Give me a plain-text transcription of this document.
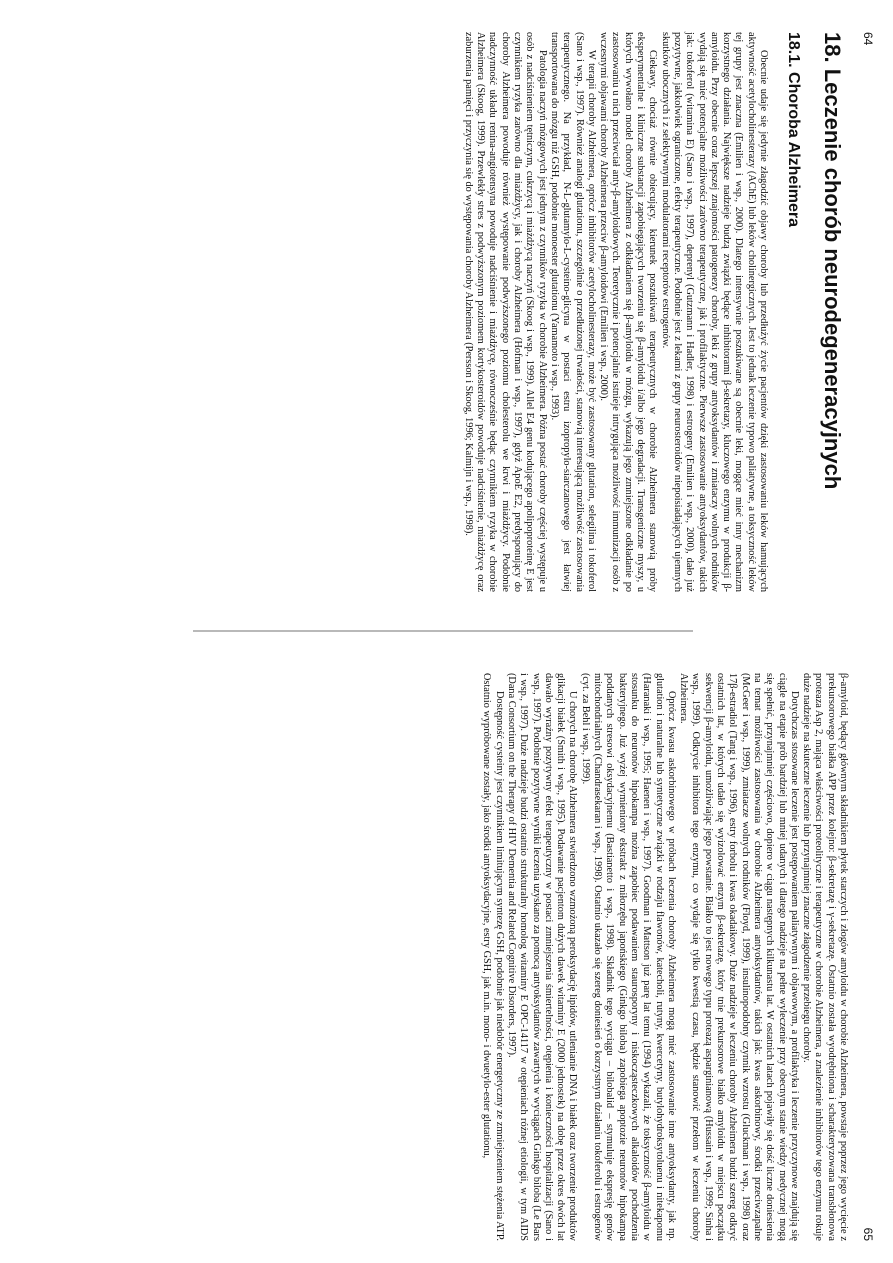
64
18. Leczenie chorób neurodegeneracyjnych
18.1. Choroba Alzheimera

Obecnie udaje się jedynie złagodzić objawy choroby lub przedłużyć życie pacjentów dzięki zastosowaniu leków hamujących aktywność acetylocholinesterazy (AChE) lub leków cholinergicznych. Jest to jednak leczenie typowo paliatywne, a toksyczność leków tej grupy jest znaczna (Emilien i wsp., 2000). Dlatego intensywnie poszukiwane są obecnie leki, mogące mieć inny mechanizm korzystnego działania. Największe nadzieje budzą związki będące inhibitorami β-sekretazy, kluczowego enzymu w produkcji β-amyloidu. Przy obecnie coraz lepszej znajomości patogenezy choroby, leki z grupy antyoksydantów i zmiataczy wolnych rodników wydają się mieć potencjalne możliwości zarówno terapeutyczne, jak i profilaktyczne. Pierwsze zastosowanie antyoksydantów, takich jak: tokoferol (witamina E) (Sano i wsp., 1997), deprenyl (Gutzmann i Hadler, 1998) i estrogeny (Emilien i wsp., 2000), dało już pozytywne, jakkolwiek ograniczone, efekty terapeutyczne. Podobnie jest z lekami z grupy neurosteroidów niepoisiadających ujemnych skutków ubocznych i z selektywnymi modulatorami receptorów estrogenów.

Ciekawy, chociaż równie obiecujący, kierunek poszukiwań terapeutycznych w chorobie Alzheimera stanowią próby eksperymentalne i kliniczne substancji zapobiegających tworzeniu się β-amyloidu i/albo jego degradacji. Transgeniczne myszy, u których wywołano model choroby Alzheimera z odkładaniem się β-amyloidu w mózgu, wykazują jego zmniejszone odkładanie po zastosowaniu u nich przeciwciał anty-β-amyloidowych. Teoretycznie i potencjalnie istnieje intrygująca możliwość immunizacji osób z wczesnymi objawami choroby Alzheimera przeciw β-amyloidowi (Emilien i wsp., 2000).

W terapii choroby Alzheimera, oprócz inhibitorów acetylocholinesterazy, może być zastosowany glutation, selegilina i tokoferol (Sano i wsp., 1997). Również analogi glutationu, szczególnie o przedłużonej trwałości, stanowią interesującą możliwość zastosowania terapeutycznego. Na przykład, N-L-glutamylo-L-cysteino-glicyna w postaci estru izopropylo-siarczanowego jest łatwiej transportowana do mózgu niż GSH, podobnie monoester glutationu (Yamamoto i wsp., 1993).

Patologia naczyń mózgowych jest jednym z czynników ryzyka w chorobie Alzheimera. Późna postać choroby częściej występuje u osób z nadciśnieniem tętniczym, cukrzycą i miażdżycą naczyń (Skoog i wsp., 1999). Allel E4 genu kodującego apolipoproteinę E jest czynnikiem ryzyka zarówno dla miażdżycy, jak i choroby Alzheimera (Hofman i wsp., 1997), gdyż ApoE E2, predysponujący do choroby Alzheimera powoduje również występowanie podwyższonego poziomu cholesterolu we krwi i miażdżycy. Podobnie nadczynność układu renina-angiotensyna powoduje nadciśnienie i miażdżycę, równocześnie będąc czynnikiem ryzyka w chorobie Alzheimera (Skoog, 1999). Przewlekły stres z podwyższonym poziomem kortykosteroidów powoduje nadciśnienie, miażdżycę oraz zaburzenia pamięci i przyczynia się do występowania choroby Alzheimera (Persson i Skoog, 1996; Kalmijn i wsp., 1998).

65

β-amyloid, będący głównym składnikiem płytek starczych i złogów amyloidu w chorobie Alzheimera, powstaje poprzez jego wycięcie z prekursorowego białka APP przez kolejno: β-sekretazę i γ-sekretazę. Ostatnio została wyodrębniona i scharakteryzowana transbłonowa proteaza Asp 2, mająca właściwości proteolityczne i terapeutyczne w chorobie Alzheimera, a znalezienie inhibitorów tego enzymu rokuje duże nadzieje na skuteczne leczenie lub przynajmniej znaczne złagodzenie przebiegu choroby.

Dotychczas stosowane leczenie jest postępowaniem paliatywnym i objawowym, a profilaktyka i leczenie przyczynowe znajdują się ciągle na etapie prób bardziej lub mniej udanych i dlatego nadzieje na pełne wyleczenie przy obecnym stanie wiedzy medycznej mogą się spełnić, przynajmniej częściowo, dopiero w ciągu następnych kilkunastu lat. W ostatnich latach pojawiły się dość liczne doniesienia na temat możliwości zastosowania w chorobie Alzheimera antyoksydantów, takich jak: kwas askorbinowy, środki przeciwzapalne (McGeer i wsp., 1999), zmiatacze wolnych rodników (Floyd, 1999), insulinopodobny czynnik wzrostu (Gluckman i wsp., 1998) oraz 17β-estradiol (Tang i wsp., 1996), estry forbolu i kwas okadaikowy. Duże nadzieje w leczeniu choroby Alzheimera budzi szereg odkryć ostatnich lat, w których udało się wyizolować enzym β-sekretazę, który tnie prekursorowe białko amyloidu w miejscu początku sekwencji β-amyloidu, umożliwiając jego powstanie. Białko to jest nowego typu proteazą asparginianową (Hussain i wsp., 1999; Sinha i wsp., 1999). Odkrycie inhibitora tego enzymu, co wydaje się tylko kwestią czasu, będzie stanowić przełom w leczeniu choroby Alzheimera.

Oprócz kwasu askorbinowego w próbach leczenia choroby Alzheimera mogą mieć zastosowanie inne antyoksydanty, jak np. glutation i naturalne lub syntetyczne związki w rodzaju flawonów, katecholi, rutyny, kwercetyny, butylohydroksytoluenu i nitekapomu (Haranaki i wsp., 1995; Haenen i wsp., 1997). Goodman i Mattson już parę lat temu (1994) wykazali, że toksyczność β-amyloidu w stosunku do neuronów hipokampa można zapobiec podawaniem staurosporyny i niskocząsteczkowych alkaloidów pochodzenia bakteryjnego. Już wyżej wymieniony ekstrakt z miłorzębu japońskiego (Ginkgo biloba) zapobiega apoptozie neuronów hipokampa poddanych stresowi oksydacyjnemu (Bastianetto i wsp., 1998). Składnik tego wyciągu – bilobalid – stymuluje ekspresję genów mitochondrialnych (Chandrasekaran i wsp., 1998). Ostatnio ukazało się szereg doniesień o korzystnym działaniu tokoferolu i estrogenów (cyt. za Behl i wsp., 1999).

U chorych na chorobę Alzheimera stwierdzono wzmożoną peroksydację lipidów, utlenianie DNA i białek oraz tworzenie produktów glikacji białek (Smith i wsp., 1995). Podawanie pacjentom dużych dawek witaminy E (2000 jednostek) na dobę przez okres dwóch lat dawało wyraźny pozytywny efekt terapeutyczny w postaci zmniejszenia śmiertelności, otępienia i konieczności hospitalizacji (Sano i wsp., 1997). Podobnie pozytywne wyniki leczenia uzyskano za pomocą antyoksydantów zawartych w wyciągach Ginkgo biloba (Le Bars i wsp., 1997). Duże nadzieje budzi ostatnio strukturalny homolog witaminy E OPC-14117 w otępieniach różnej etiologii, w tym AIDS (Dana Consortium on the Therapy of HIV Dementia and Related Cognitive Disorders, 1997).

Dostępność cysteiny jest czynnikiem limitującym syntezę GSH, podobnie jak niedobór energetyczny ze zmniejszeniem stężenia ATP. Ostatnio wypróbowane zostały, jako środki antyoksydacyjne, estry GSH, jak m.in. mono- i dwuetylo-ester glutationu,
